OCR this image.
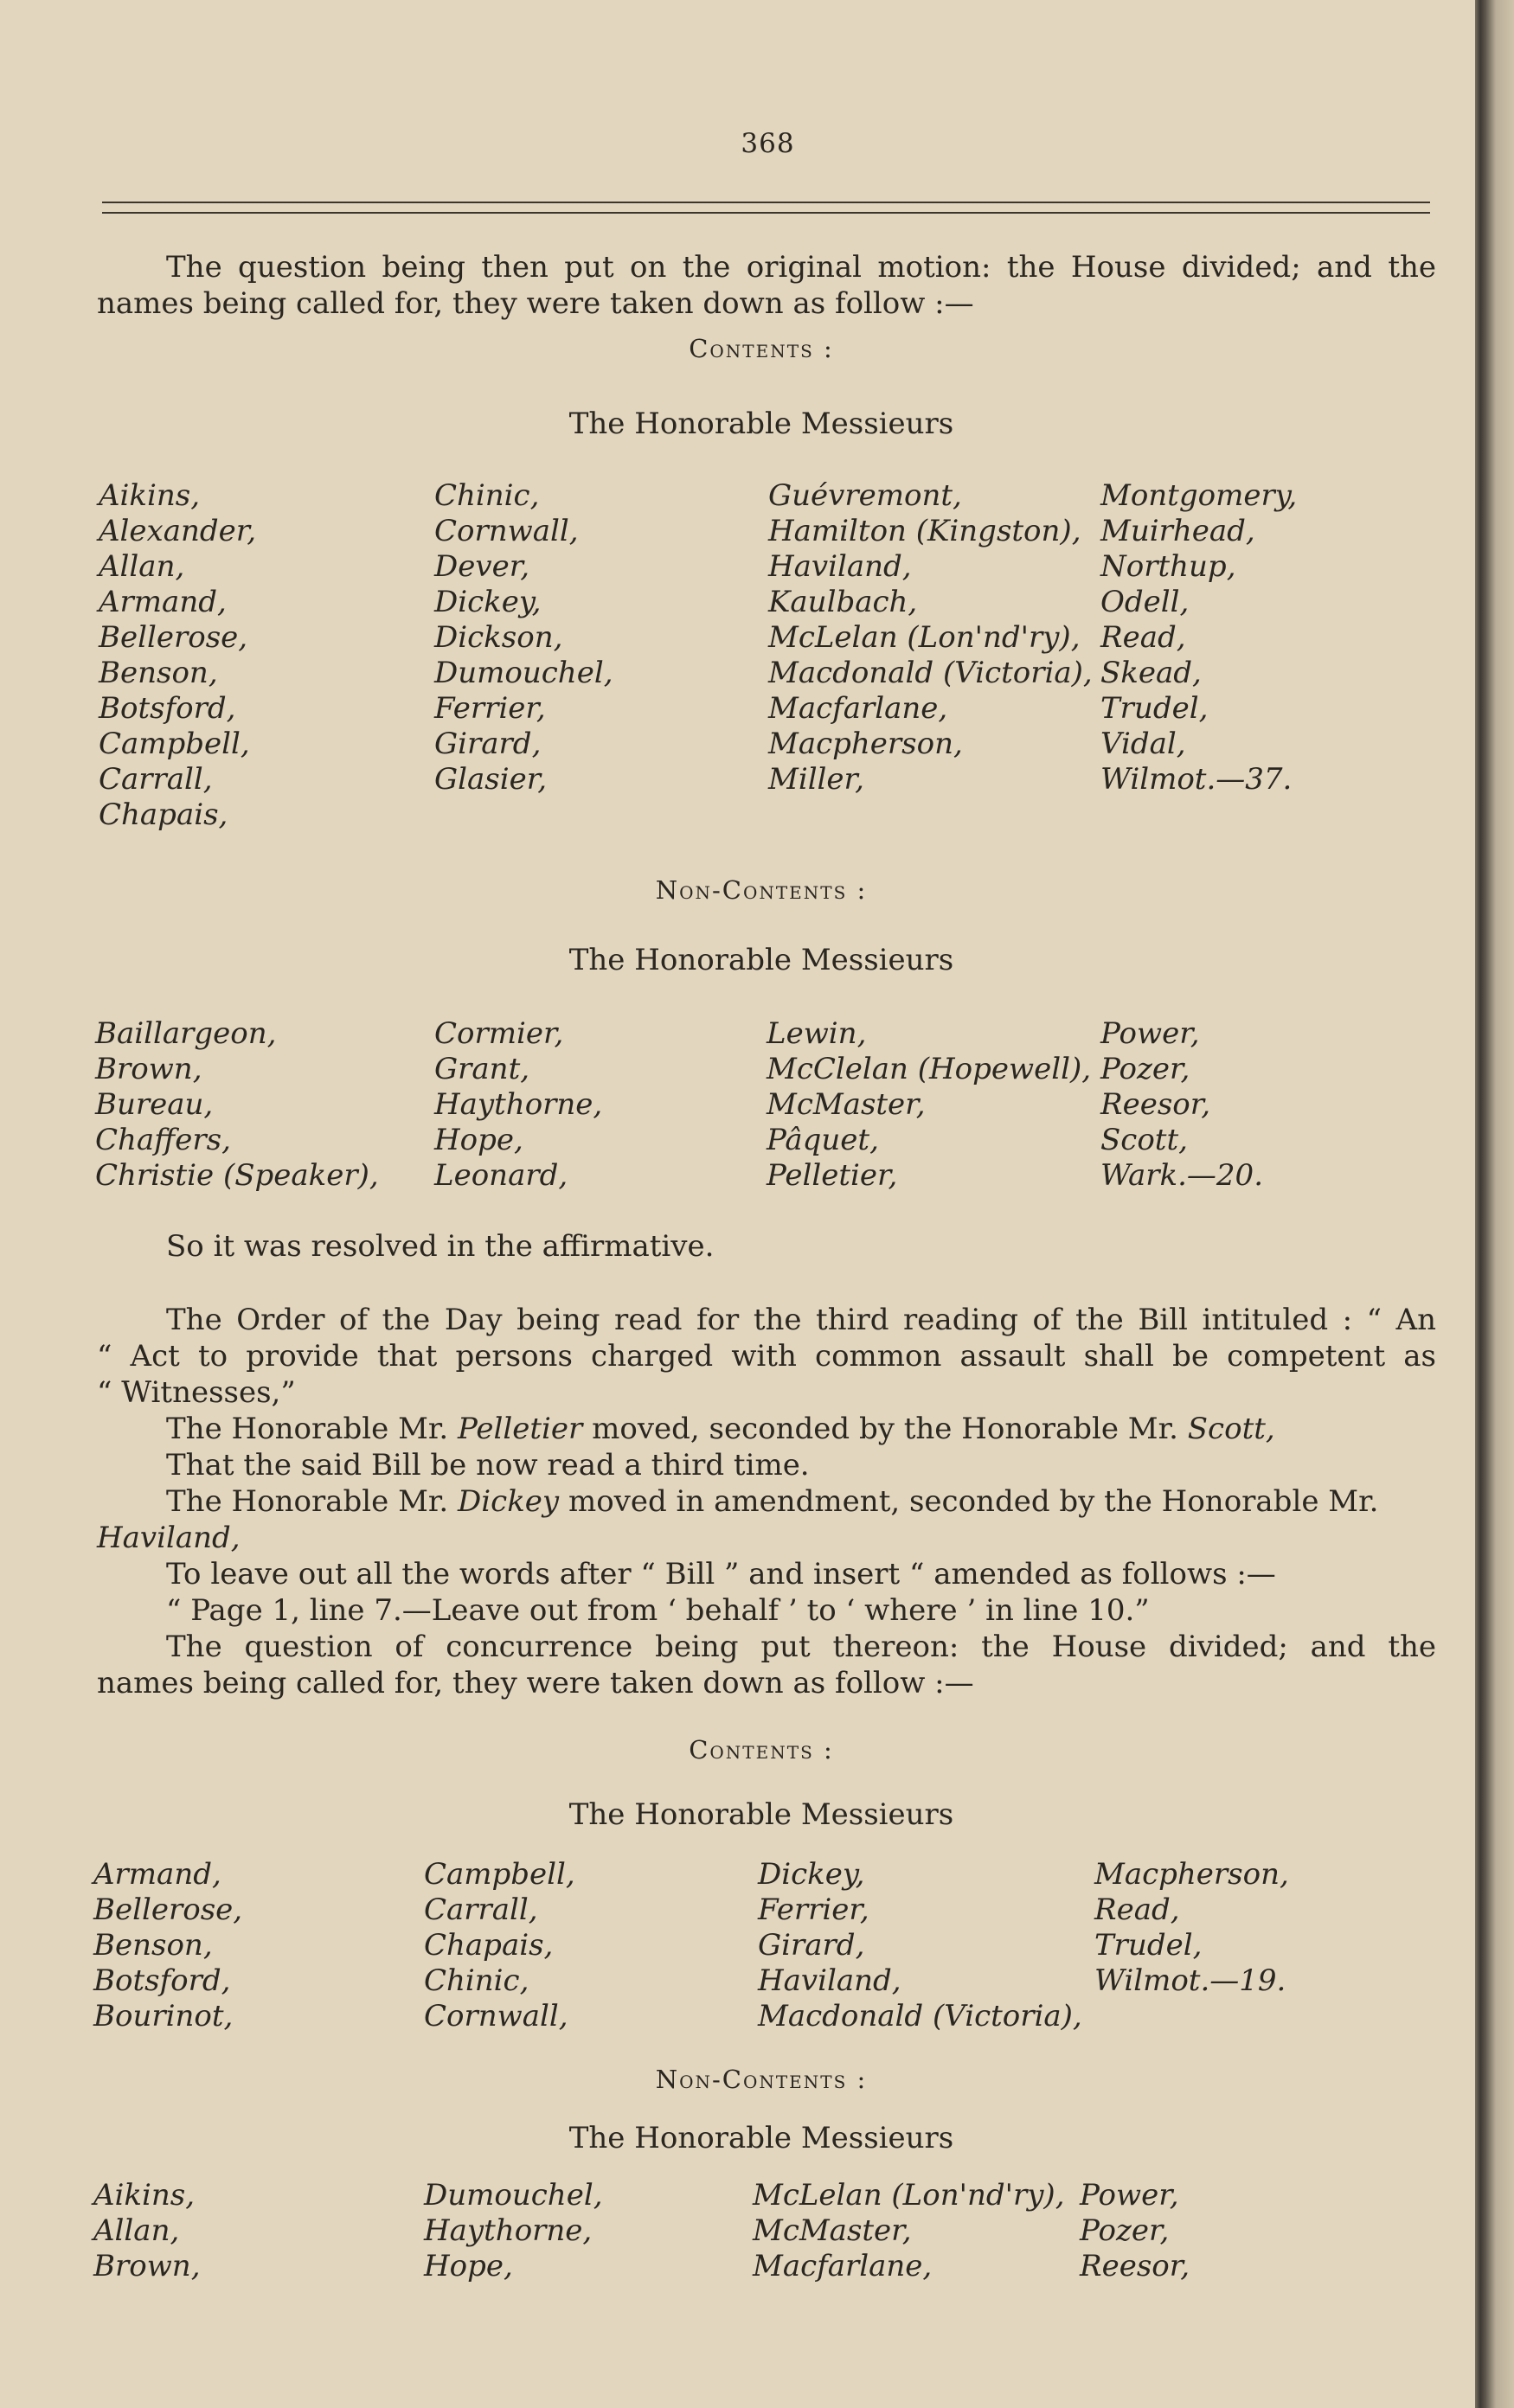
368
The question being then put on the original motion: the House divided; and the
names being called for, they were taken down as follow :—
Contents :
The Honorable Messieurs
Aikins,
Alexander,
Allan,
Armand,
Bellerose,
Benson,
Botsford,
Campbell,
Carrall,
Chapais,
Chinic,
Cornwall,
Dever,
Dickey,
Dickson,
Dumouchel,
Ferrier,
Girard,
Glasier,
Guévremont,
Hamilton (Kingston),
Haviland,
Kaulbach,
McLelan (Lon'nd'ry),
Macdonald (Victoria),
Macfarlane,
Macpherson,
Miller,
Montgomery,
Muirhead,
Northup,
Odell,
Read,
Skead,
Trudel,
Vidal,
Wilmot.—37.
Non-Contents :
The Honorable Messieurs
Baillargeon,
Brown,
Bureau,
Chaffers,
Christie (Speaker),
Cormier,
Grant,
Haythorne,
Hope,
Leonard,
Lewin,
McClelan (Hopewell),
McMaster,
Pâquet,
Pelletier,
Power,
Pozer,
Reesor,
Scott,
Wark.—20.
So it was resolved in the affirmative.
The Order of the Day being read for the third reading of the Bill intituled : “ An
“ Act to provide that persons charged with common assault shall be competent as
“ Witnesses,”
The Honorable Mr. Pelletier moved, seconded by the Honorable Mr. Scott,
That the said Bill be now read a third time.
The Honorable Mr. Dickey moved in amendment, seconded by the Honorable Mr.
Haviland,
To leave out all the words after “ Bill ” and insert “ amended as follows :—
“ Page 1, line 7.—Leave out from ‘ behalf ’ to ‘ where ’ in line 10.”
The question of concurrence being put thereon: the House divided; and the
names being called for, they were taken down as follow :—
Contents :
The Honorable Messieurs
Armand,
Bellerose,
Benson,
Botsford,
Bourinot,
Campbell,
Carrall,
Chapais,
Chinic,
Cornwall,
Dickey,
Ferrier,
Girard,
Haviland,
Macdonald (Victoria),
Macpherson,
Read,
Trudel,
Wilmot.—19.
Non-Contents :
The Honorable Messieurs
Aikins,
Allan,
Brown,
Dumouchel,
Haythorne,
Hope,
McLelan (Lon'nd'ry),
McMaster,
Macfarlane,
Power,
Pozer,
Reesor,
